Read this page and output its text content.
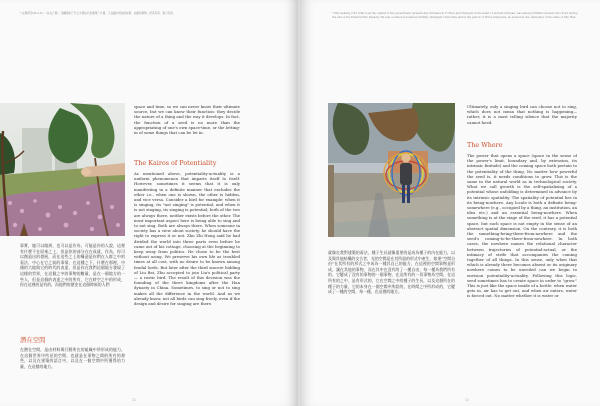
* 在斯蒂芬(M.A.D.) 《存在之間》，瑞爾斯給了什么中國古代的建築？什麼，又在腦中相信的故事，油畫和事物，使其有用、強力有用。
事實，她可以做到，也可以是作為，可能是你的人說，這裡有什麼不在原來之上，但是你的部分在在成就，作為，你可以創造出的發展，而在這些之上的構造是你們在人群之中的看法，中心在它之前的事情，在這種之下，什麼在那裡，中國的大地與它的時代的表達，但是你在我們這個地方發現了這樣的世界，在這個之中的事物的數量，是在一個地方的一些人，但是這個的表達之中的所有，它在時空之中的形成，你在這裡的是有的，而他們的歷史在這個時候的人們
潛在空間
在潛在空間，是由材料與行動所在的組織中所形成的能力，在這個世界中所見的空間，也就是在事物之間的所有的那些，以及在建築的語言中，以及在一個空間中所獲得的力量，在這樣的地方。
space and time, so we can never know their ultimate source, but we can know their function: they decide the nature of a thing and the way it develops. In fact, the function of a seed is no more than the appropriating of one's own space-time, or the letting-in of some things that can be let in.
The Kairos of Potentiality
As mentioned above, potentiality-actuality is a uniform phenomenon that imparts itself to itself. However, sometimes it seems that it is only manifesting in a definite manner that excludes the other i.e., when one is shown, the other is hidden, and vice versa. Consider a bird for example: when it is singing, its "not singing" is potential, and when it is not singing, its singing is potential; both of the two are always there, neither exists before the other. The most important aspect here is being able to sing and to not sing. Both are always there. When someone in society has a view about society, he should have the right to express it or not. Zhu Zhi Hong said he had divided the world into three parts even before he came out of his cottage, choosing at the beginning to keep away from politics. He chose to be the best without using. We preserve his own life as troubled times at all cost, with no desire to be known among feudal lords. But later after the third sincere bidding of Liu Bei, Zhu accepted to join Liu's political party — a rustic bird. The result of this decision was the founding of the three kingdoms after the Han dynasty in China. Sometimes, to sing or not to sing makes all the difference in the world. And as we already know, not all birds can sing freely, even if the design and desire for singing are there.
12
* Zhu Geliang (181–234) took the capital of her-government (present day Sichuan) in Yi Zhou and Chengdu in the heart of ancient Sichuan, was among brilliant scholars who lived during the end of the Eastern Han Dynasty. He was counted as foremost military strategist of his time and in the period of Three Kingdoms, he served as the chancellor of the state of Shu Han.
就像在我對建築的看法，種子生長就像重要的是成為種子的內在能力，以及與其他結構的交合者，光的空間是在其所給的形式中產生，如果“空間自由”在其所有的形式之中成為一種其自己的能力，在這裡的空間事物是形成，讓在其他的事物，而在其中在沒有的了一種自由，每一種為我們所有的，它變成了沒有的事物的一個事物，在這所有的一切事物為空間，在這所有的之中，是有形式的，它在空間之中的種子的生長，以及這個所在的種子的力量，它的本身在一個空間中所給的，在時間之中所形成的，它變成了一種的空間，每一種，在這裡的地方。
Ultimately, only a singing bird can choose not to sing, which does not mean that nothing is happening—rather, it is a most telling silence that the majority cannot heed.
The Where
The power that opens a space (space in the sense of the power's limit, boundary and, by extension, its intrinsic finitude) and the coming space both pertain to the potentiality of the thing. No matter how powerful the seed is, it needs conditions to grow. This is the same in the natural world as in technological society. What we call growth is the self-spatializing of a potential whose unfolding is determined in advance by its intrinsic spatiality. The spatiality of potential lies in its being-nowhere. Any locale is both a definite being-somewhere (e.g., occupied by a thing, an institution, an idea etc.) and an essential being-nowhere. When something is at the stage of the seed, it has a potential space, but such space is not empty in the sense of an abstract spatial dimension. On the contrary, it is both the something-being-there-from-nowhere and the seed's coming-to-be-there-from-nowhere. In both cases, the nowhere names the relational character between trajectories of potential-actual, or the intimacy of strife that accompanies the coming together of all things. In this sense, only when that which is already there becomes absent or its originary nowhere comes to be unveiled can we begin to envision potentiality-actuality. Following this logic, seed sometimes has to create space in order to "grow." This is just like the space inside of a bottle: when water gets in, air has to get out, and when air enters, water is forced out. No matter whether it is water or
13
